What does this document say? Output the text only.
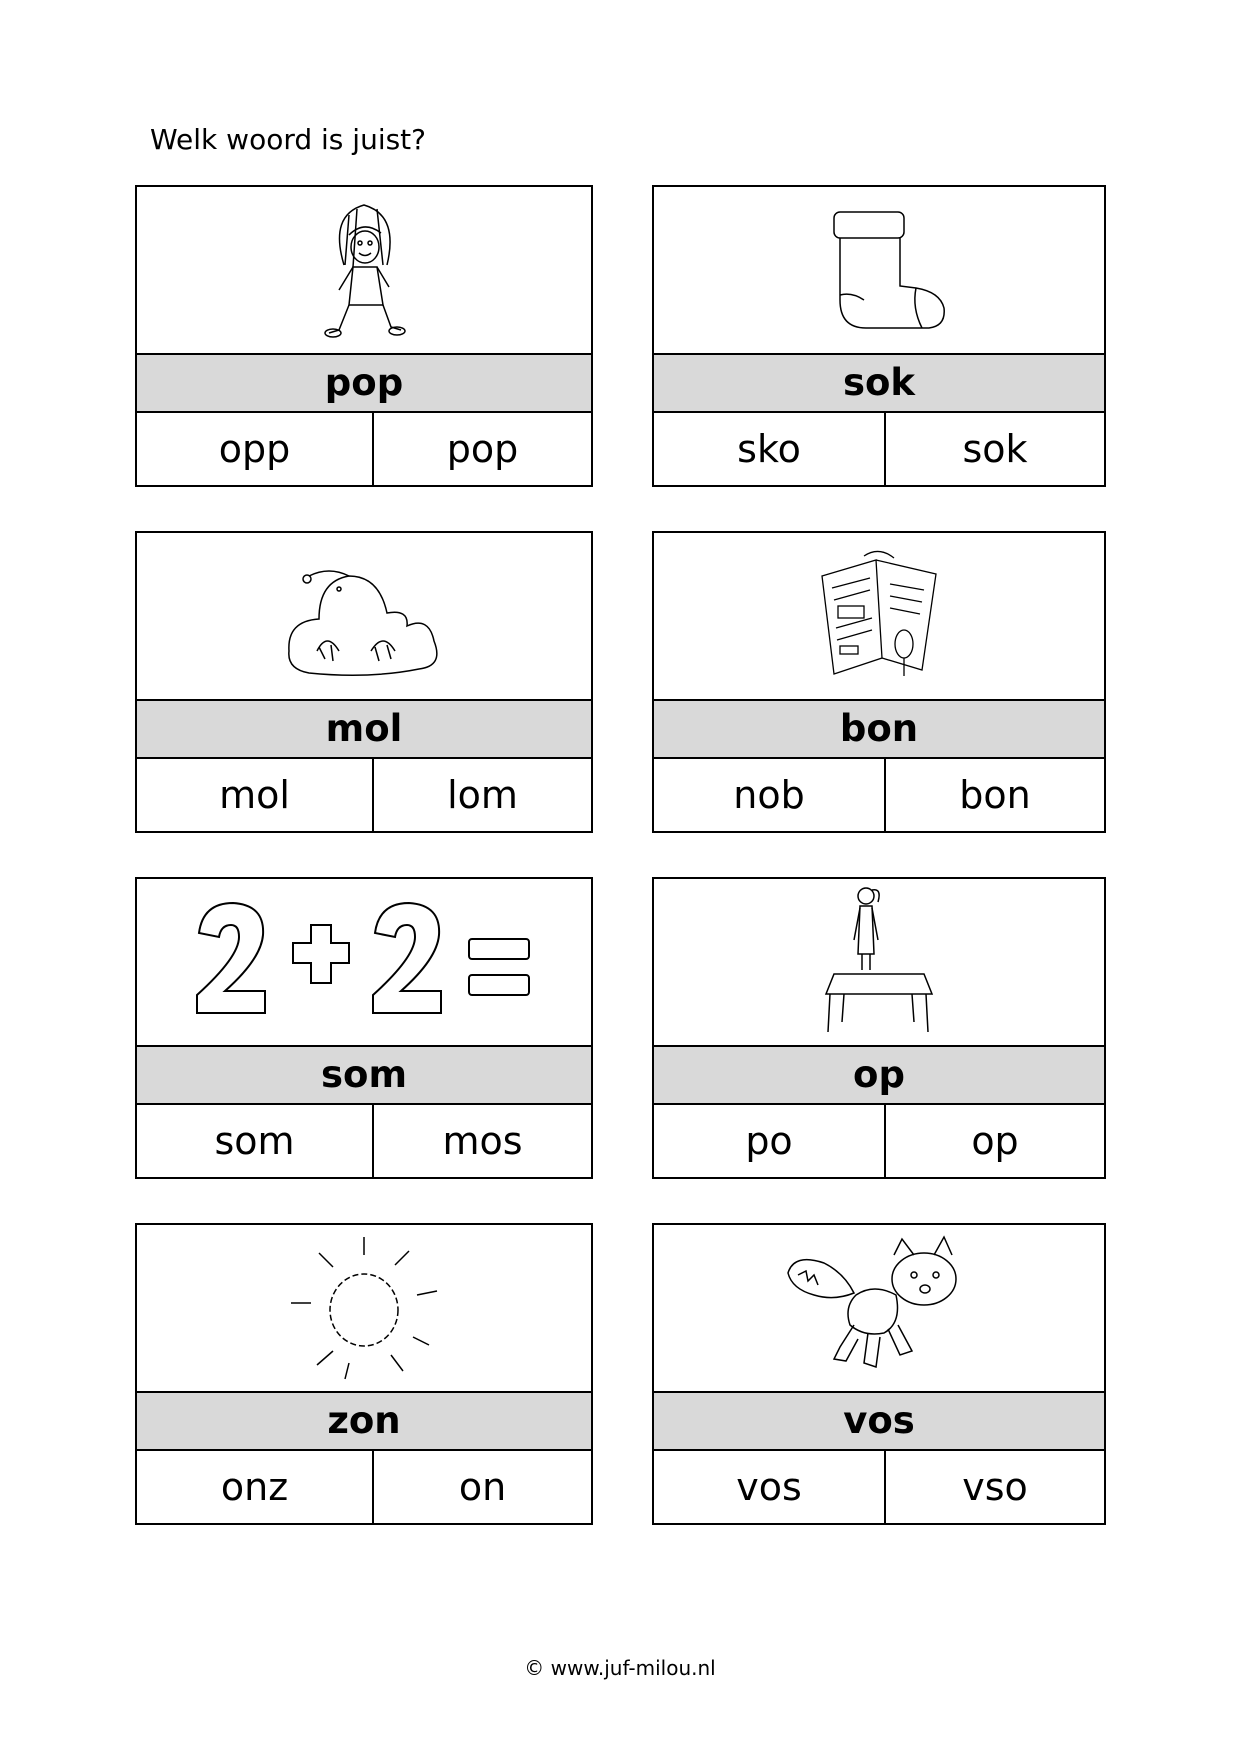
Welk woord is juist?
pop
opp	pop
sok
sko	sok
mol
mol	lom
bon
nob	bon
som
som	mos
op
po	op
zon
onz	on
vos
vos	vso
© www.juf-milou.nl
